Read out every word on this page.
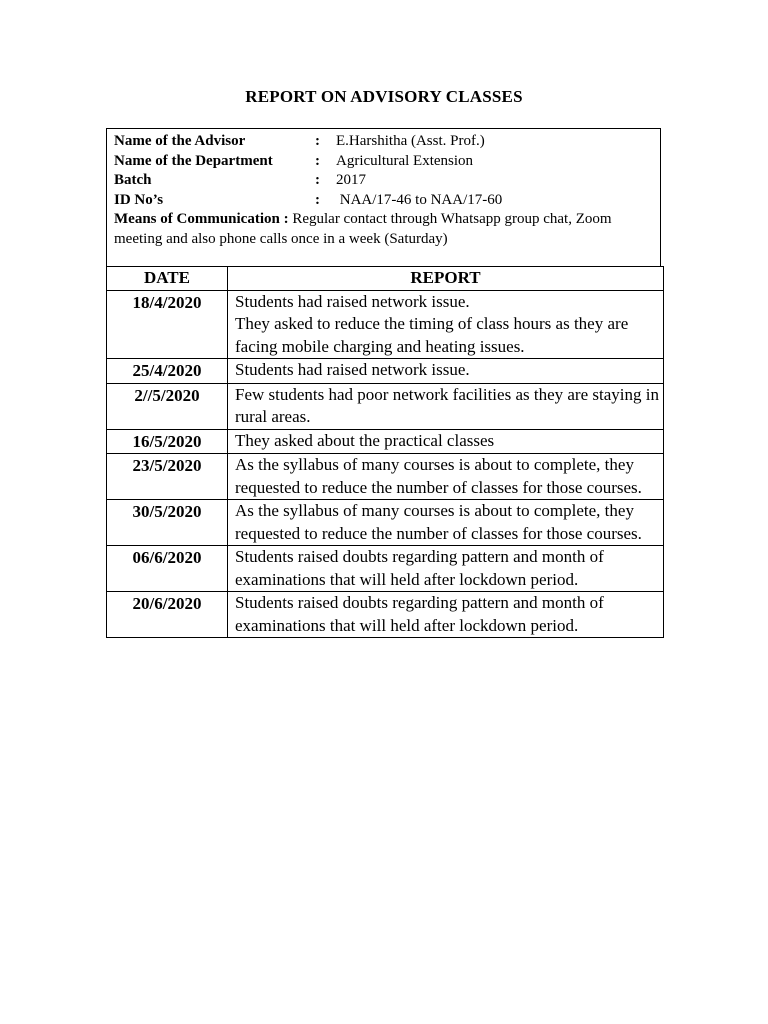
REPORT ON ADVISORY CLASSES
Name of the Advisor	:	E.Harshitha (Asst. Prof.)
Name of the Department	:	Agricultural Extension
Batch	:	2017
ID No’s	:	NAA/17-46 to NAA/17-60
Means of Communication : Regular contact through Whatsapp group chat, Zoom meeting and also phone calls once in a week (Saturday)
DATE	REPORT
18/4/2020	Students had raised network issue.
They asked to reduce the timing of class hours as they are facing mobile charging and heating issues.

25/4/2020	Students had raised network issue.

2//5/2020	Few students had poor network facilities as they are staying in rural areas.

16/5/2020	They asked about the practical classes

23/5/2020	As the syllabus of many courses is about to complete, they requested to reduce the number of classes for those courses.

30/5/2020	As the syllabus of many courses is about to complete, they requested to reduce the number of classes for those courses.

06/6/2020	Students raised doubts regarding pattern and month of examinations that will held after lockdown period.

20/6/2020	Students raised doubts regarding pattern and month of examinations that will held after lockdown period.
